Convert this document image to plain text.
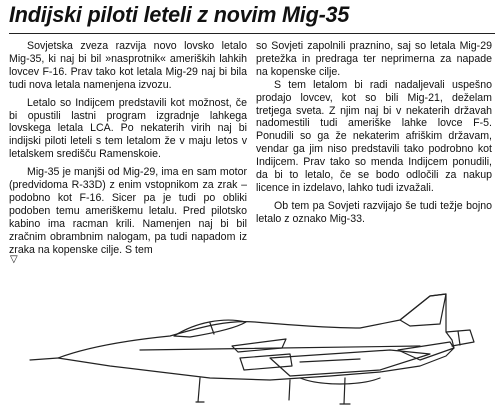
Indijski piloti leteli z novim Mig-35

Sovjetska zveza razvija novo lovsko letalo Mig-35, ki naj bi bil »nasprotnik« ameriških lahkih lovcev F-16. Prav tako kot letala Mig-29 naj bi bila tudi nova letala namenjena izvozu.

Letalo so Indijcem predstavili kot možnost, če bi opustili lastni program izgradnje lahkega lovskega letala LCA. Po nekaterih virih naj bi indijski piloti leteli s tem letalom že v maju letos v letalskem središču Ramenskoie.

Mig-35 je manjši od Mig-29, ima en sam motor (predvidoma R-33D) z enim vstopnikom za zrak – podobno kot F-16. Sicer pa je tudi po obliki podoben temu ameriškemu letalu. Pred pilotsko kabino ima racman krili. Namenjen naj bi bil zračnim obrambnim nalogam, pa tudi napadom iz zraka na kopenske cilje. S tem

so Sovjeti zapolnili praznino, saj so letala Mig-29 pretežka in predraga ter neprimerna za napade na kopenske cilje.

S tem letalom bi radi nadaljevali uspešno prodajo lovcev, kot so bili Mig-21, deželam tretjega sveta. Z njim naj bi v nekaterih državah nadomestili tudi ameriške lahke lovce F-5. Ponudili so ga že nekaterim afriškim državam, vendar ga jim niso predstavili tako podrobno kot Indijcem. Prav tako so menda Indijcem ponudili, da bi to letalo, če se bodo odločili za nakup licence in izdelavo, lahko tudi izvažali.

Ob tem pa Sovjeti razvijajo še tudi težje bojno letalo z oznako Mig-33.

▽
